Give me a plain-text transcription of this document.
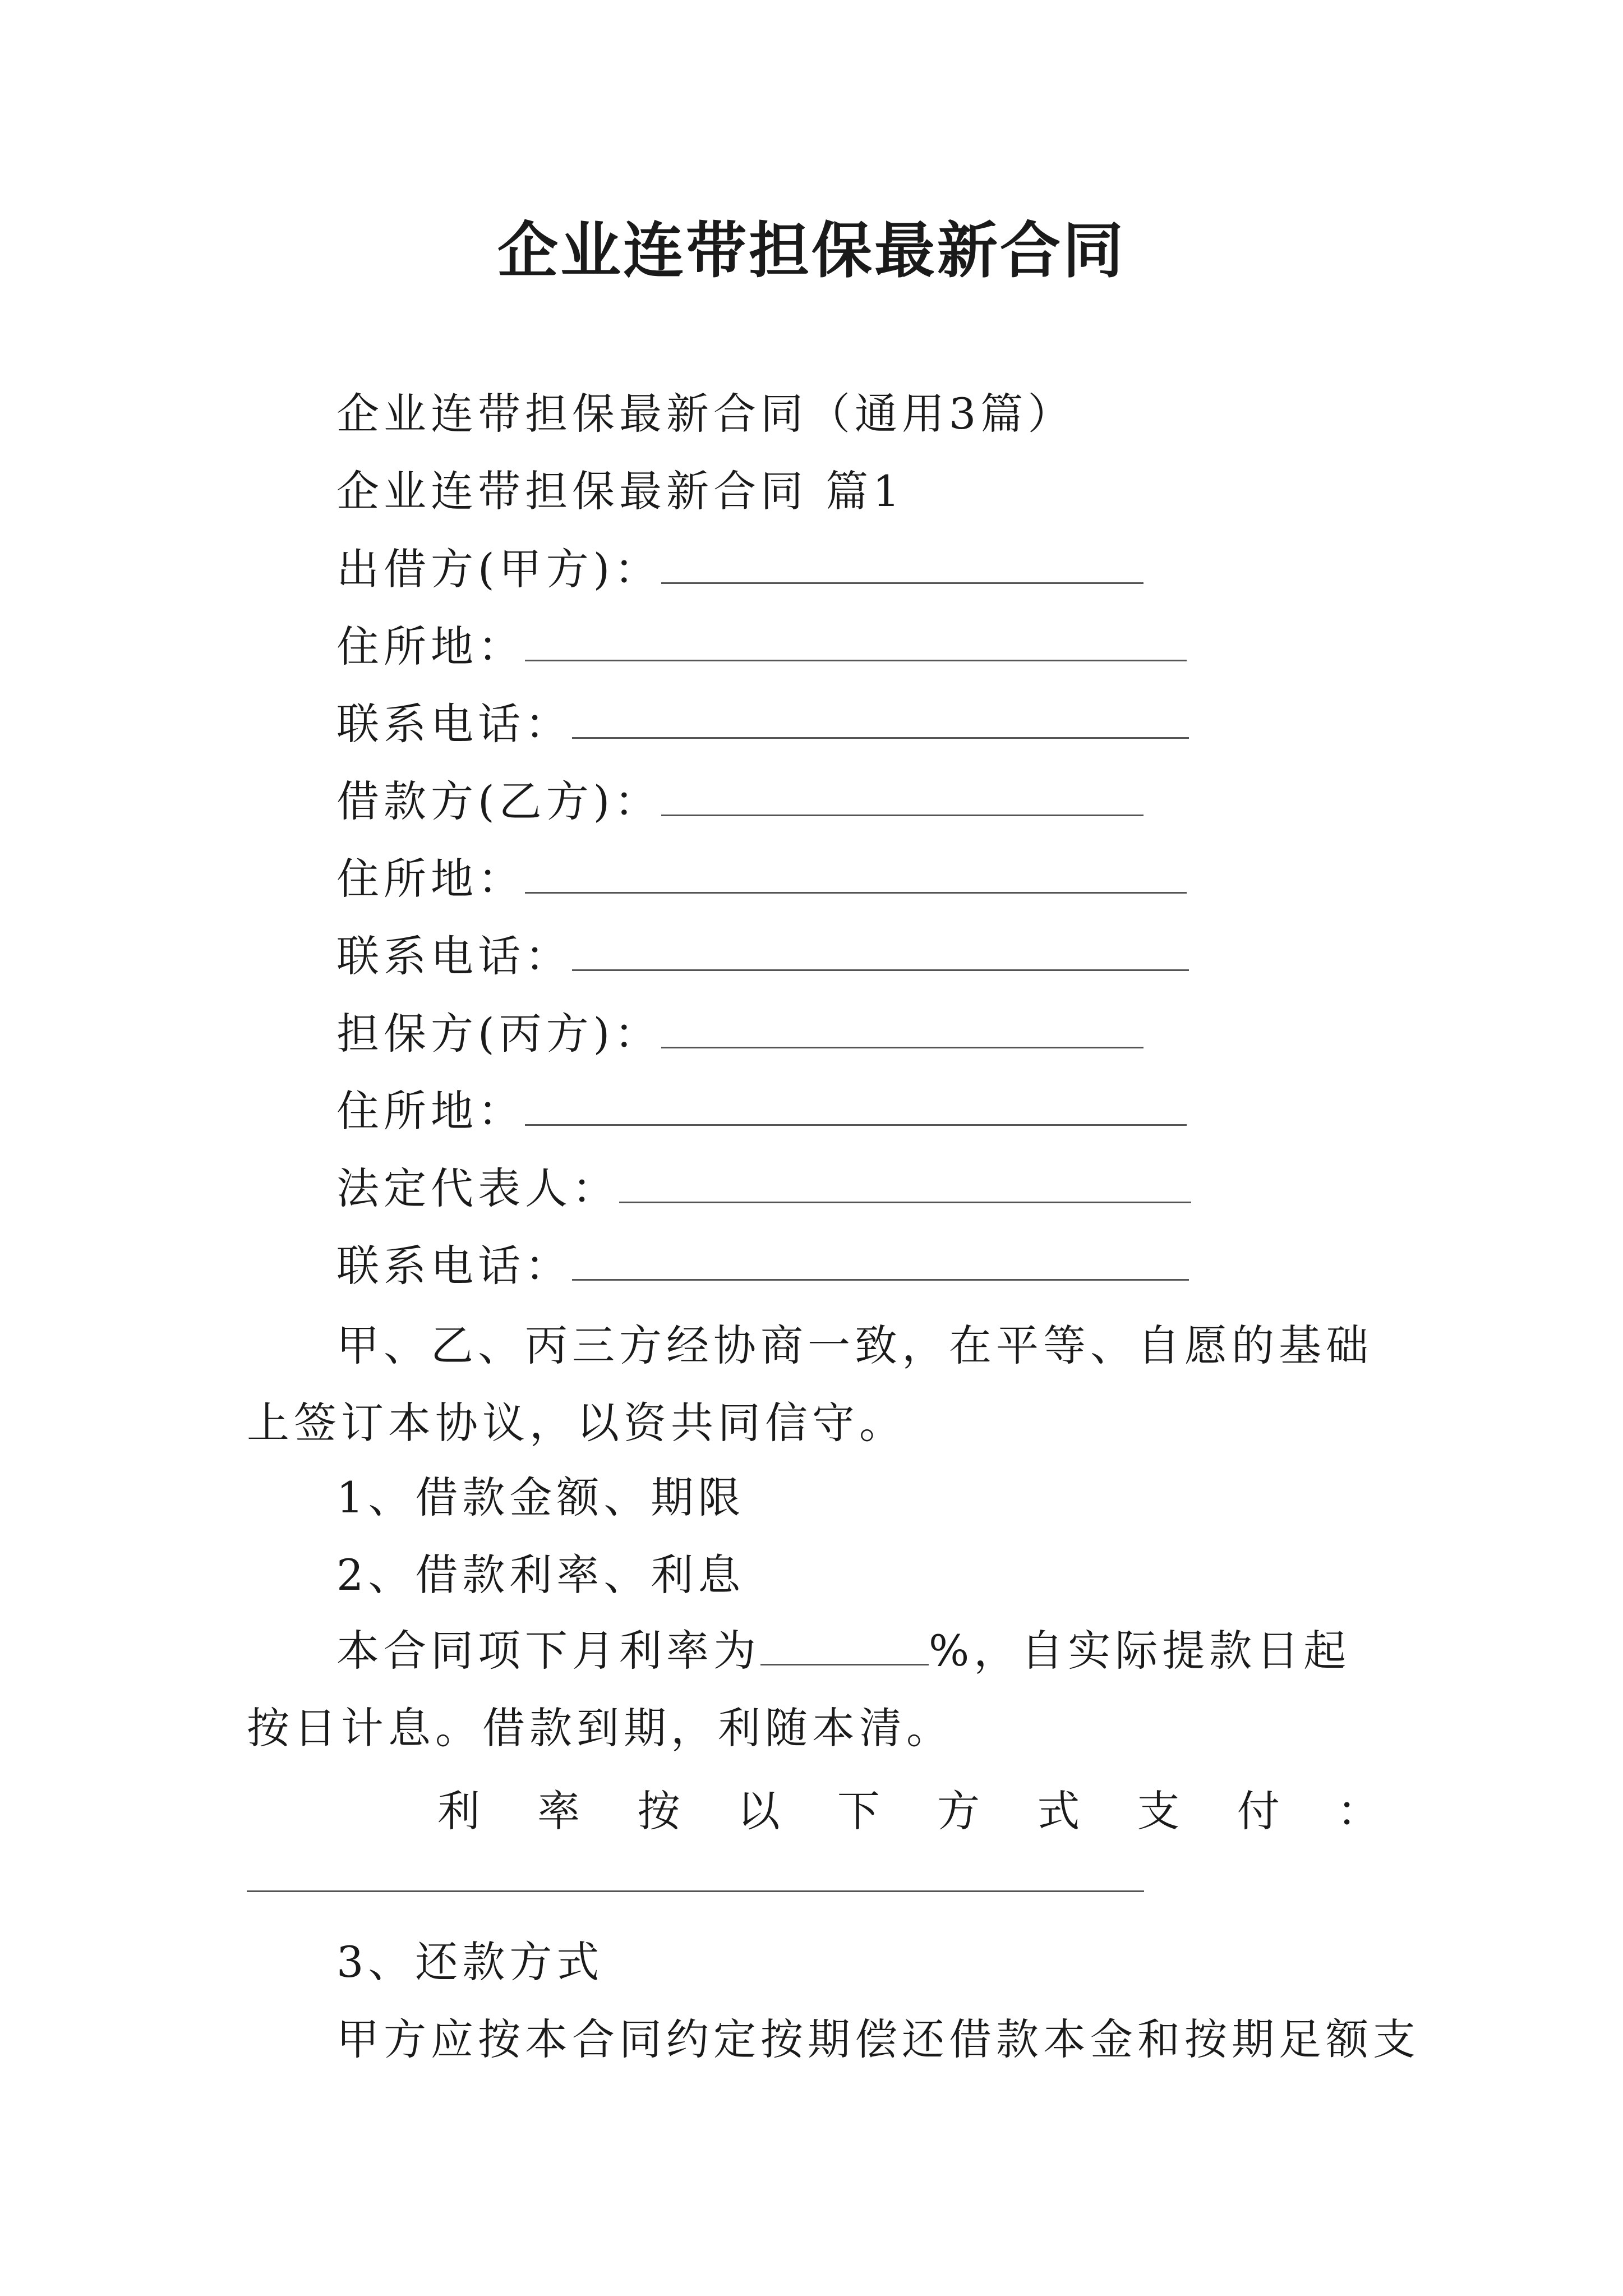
企业连带担保最新合同
企业连带担保最新合同（通用3篇）
企业连带担保最新合同 篇1
出借方(甲方)：
住所地：
联系电话：
借款方(乙方)：
住所地：
联系电话：
担保方(丙方)：
住所地：
法定代表人：
联系电话：
甲、乙、丙三方经协商一致，在平等、自愿的基础上签订本协议，以资共同信守。
1、借款金额、期限
2、借款利率、利息
本合同项下月利率为	%，自实际提款日起按日计息。借款到期，利随本清。
利 率 按 以 下 方 式 支 付 ：
3、还款方式
甲方应按本合同约定按期偿还借款本金和按期足额支
